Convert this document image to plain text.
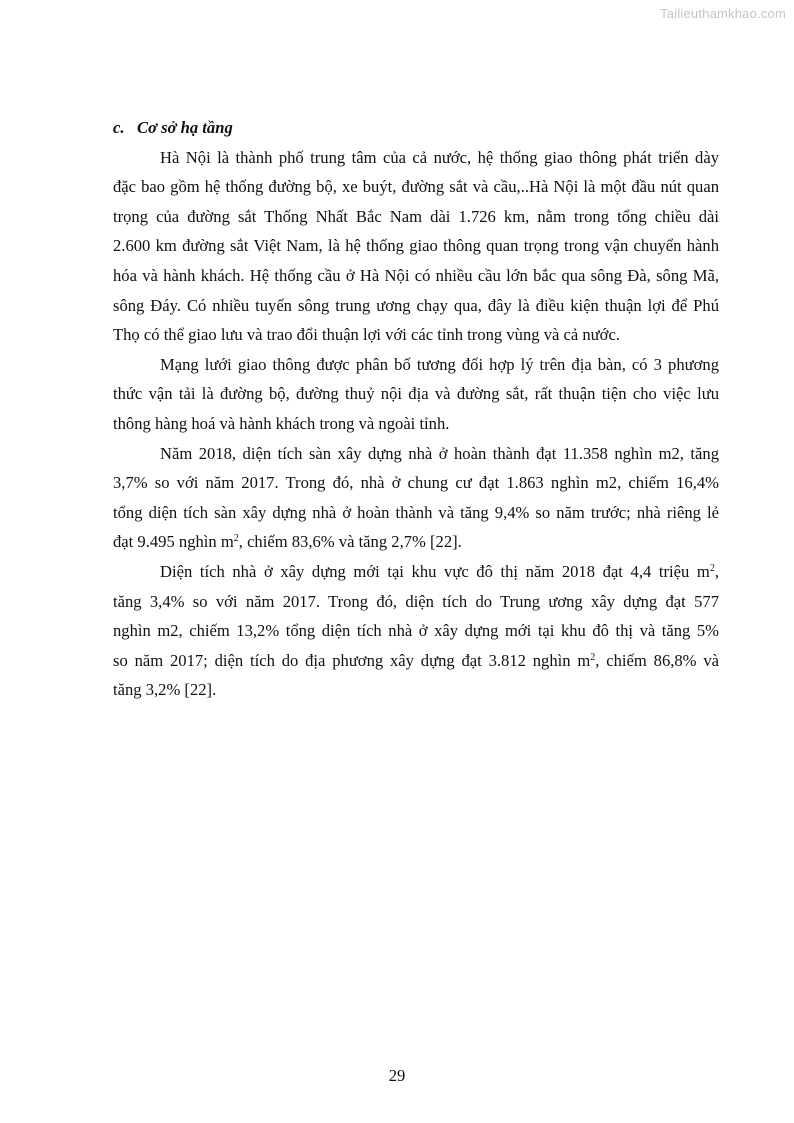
Tailieuthamkhao.com
c. Cơ sở hạ tầng
Hà Nội là thành phố trung tâm của cả nước, hệ thống giao thông phát triển dày
đặc bao gồm hệ thống đường bộ, xe buýt, đường sắt và cầu,..Hà Nội là một đầu nút quan
trọng của đường sắt Thống Nhất Bắc Nam dài 1.726 km, nằm trong tổng chiều dài
2.600 km đường sắt Việt Nam, là hệ thống giao thông quan trọng trong vận chuyển hành
hóa và hành khách. Hệ thống cầu ở Hà Nội có nhiều cầu lớn bắc qua sông Đà, sông Mã,
sông Đáy. Có nhiều tuyến sông trung ương chạy qua, đây là điều kiện thuận lợi để Phú
Thọ có thể giao lưu và trao đổi thuận lợi với các tỉnh trong vùng và cả nước.
Mạng lưới giao thông được phân bố tương đối hợp lý trên địa bàn, có 3 phương
thức vận tải là đường bộ, đường thuỷ nội địa và đường sắt, rất thuận tiện cho việc lưu
thông hàng hoá và hành khách trong và ngoài tỉnh.
Năm 2018, diện tích sàn xây dựng nhà ở hoàn thành đạt 11.358 nghìn m2, tăng
3,7% so với năm 2017. Trong đó, nhà ở chung cư đạt 1.863 nghìn m2, chiếm 16,4%
tổng diện tích sàn xây dựng nhà ở hoàn thành và tăng 9,4% so năm trước; nhà riêng lẻ
đạt 9.495 nghìn $m^2$, chiếm 83,6% và tăng 2,7% [22].
Diện tích nhà ở xây dựng mới tại khu vực đô thị năm 2018 đạt 4,4 triệu $m^2$,
tăng 3,4% so với năm 2017. Trong đó, diện tích do Trung ương xây dựng đạt 577
nghìn m2, chiếm 13,2% tổng diện tích nhà ở xây dựng mới tại khu đô thị và tăng 5%
so năm 2017; diện tích do địa phương xây dựng đạt 3.812 nghìn $m^2$, chiếm 86,8% và
tăng 3,2% [22].
29
